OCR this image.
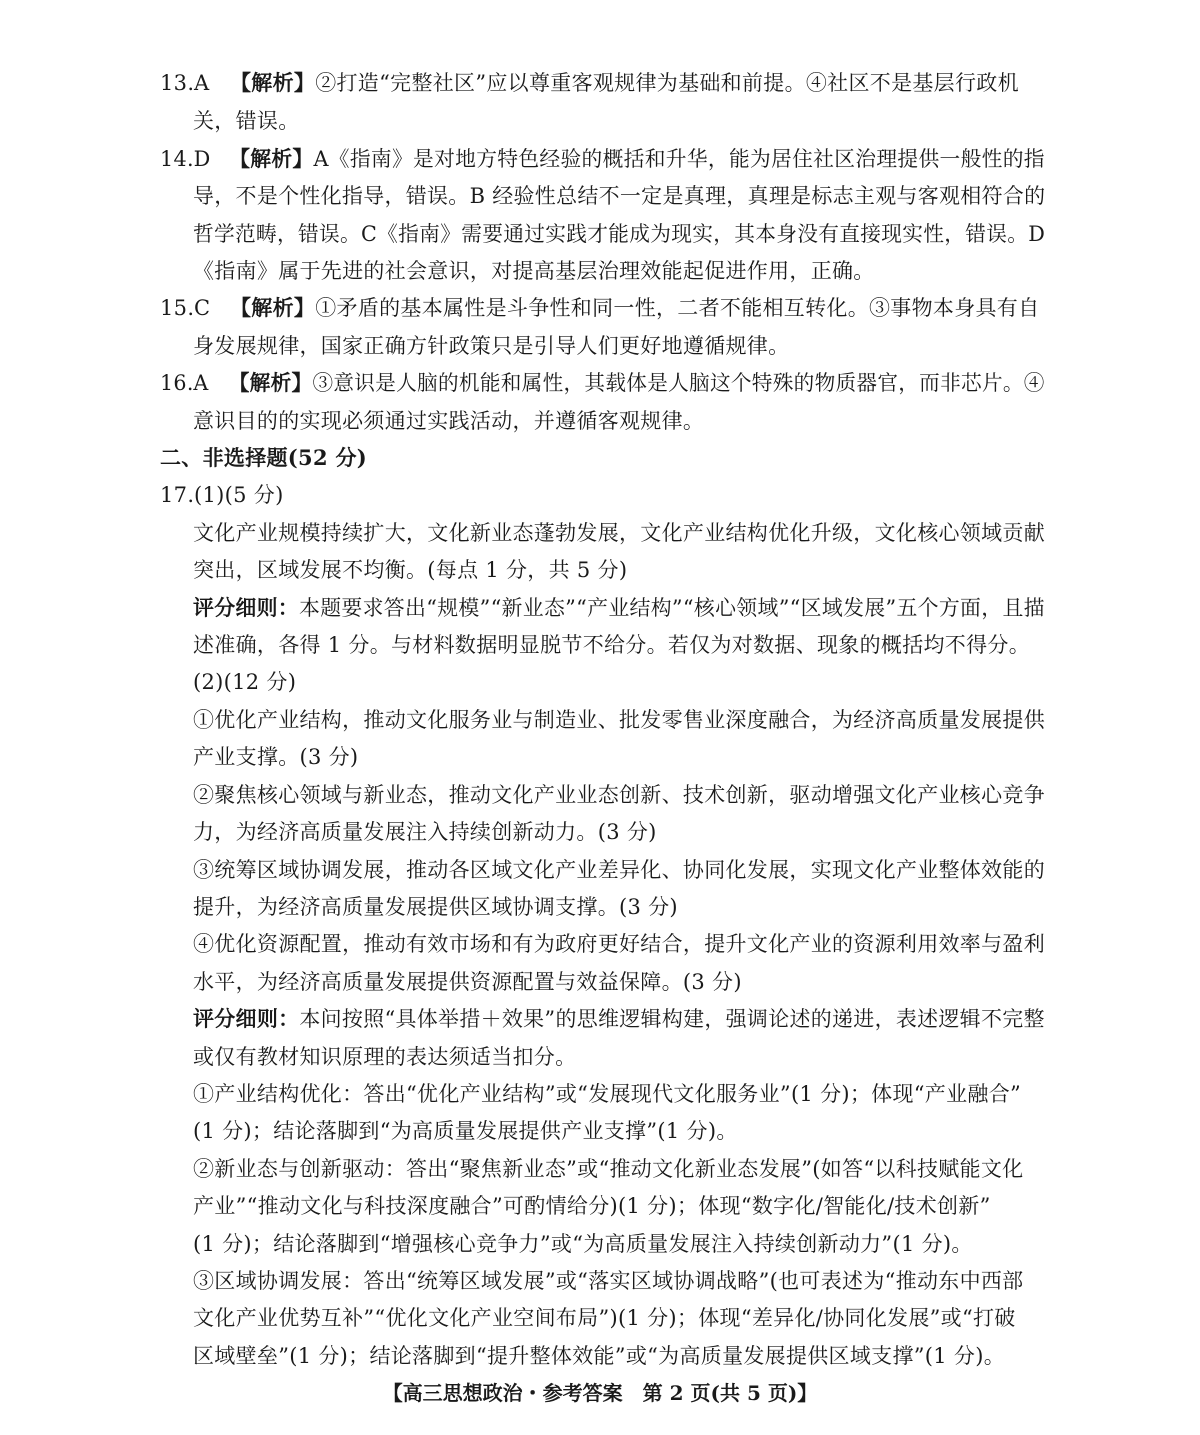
13.A 【解析】②打造“完整社区”应以尊重客观规律为基础和前提。④社区不是基层行政机
关，错误。
14.D 【解析】A《指南》是对地方特色经验的概括和升华，能为居住社区治理提供一般性的指
导，不是个性化指导，错误。B 经验性总结不一定是真理，真理是标志主观与客观相符合的
哲学范畴，错误。C《指南》需要通过实践才能成为现实，其本身没有直接现实性，错误。D
《指南》属于先进的社会意识，对提高基层治理效能起促进作用，正确。
15.C 【解析】①矛盾的基本属性是斗争性和同一性，二者不能相互转化。③事物本身具有自
身发展规律，国家正确方针政策只是引导人们更好地遵循规律。
16.A 【解析】③意识是人脑的机能和属性，其载体是人脑这个特殊的物质器官，而非芯片。④
意识目的的实现必须通过实践活动，并遵循客观规律。
二、非选择题(52 分)
17.(1)(5 分)
文化产业规模持续扩大，文化新业态蓬勃发展，文化产业结构优化升级，文化核心领域贡献
突出，区域发展不均衡。(每点 1 分，共 5 分)
评分细则：本题要求答出“规模”“新业态”“产业结构”“核心领域”“区域发展”五个方面，且描
述准确，各得 1 分。与材料数据明显脱节不给分。若仅为对数据、现象的概括均不得分。
(2)(12 分)
①优化产业结构，推动文化服务业与制造业、批发零售业深度融合，为经济高质量发展提供
产业支撑。(3 分)
②聚焦核心领域与新业态，推动文化产业业态创新、技术创新，驱动增强文化产业核心竞争
力，为经济高质量发展注入持续创新动力。(3 分)
③统筹区域协调发展，推动各区域文化产业差异化、协同化发展，实现文化产业整体效能的
提升，为经济高质量发展提供区域协调支撑。(3 分)
④优化资源配置，推动有效市场和有为政府更好结合，提升文化产业的资源利用效率与盈利
水平，为经济高质量发展提供资源配置与效益保障。(3 分)
评分细则：本问按照“具体举措＋效果”的思维逻辑构建，强调论述的递进，表述逻辑不完整
或仅有教材知识原理的表达须适当扣分。
①产业结构优化：答出“优化产业结构”或“发展现代文化服务业”(1 分)；体现“产业融合”
(1 分)；结论落脚到“为高质量发展提供产业支撑”(1 分)。
②新业态与创新驱动：答出“聚焦新业态”或“推动文化新业态发展”(如答“以科技赋能文化
产业”“推动文化与科技深度融合”可酌情给分)(1 分)；体现“数字化/智能化/技术创新”
(1 分)；结论落脚到“增强核心竞争力”或“为高质量发展注入持续创新动力”(1 分)。
③区域协调发展：答出“统筹区域发展”或“落实区域协调战略”(也可表述为“推动东中西部
文化产业优势互补”“优化文化产业空间布局”)(1 分)；体现“差异化/协同化发展”或“打破
区域壁垒”(1 分)；结论落脚到“提升整体效能”或“为高质量发展提供区域支撑”(1 分)。
【高三思想政治・参考答案　第 2 页(共 5 页)】
